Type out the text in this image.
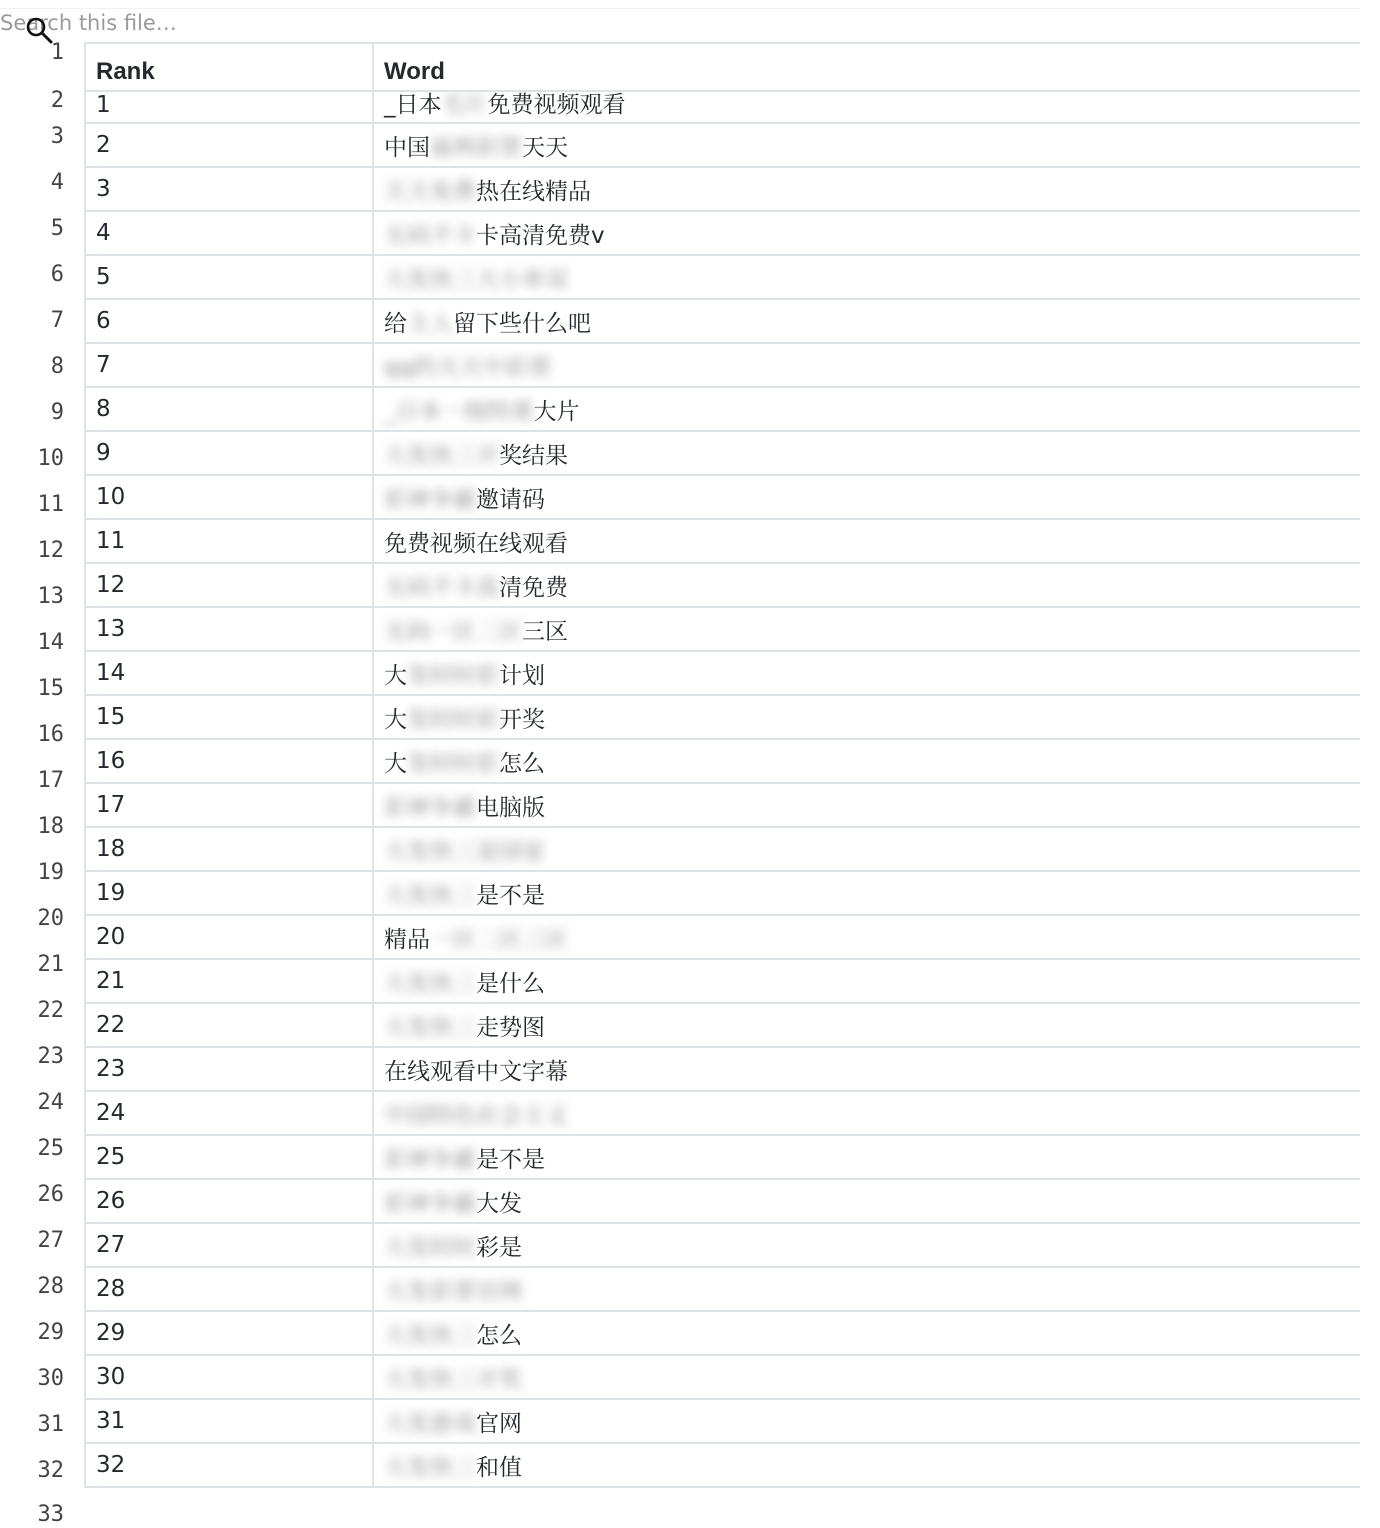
Search this file…
1
2
3
4
5
6
7
8
9
10
11
12
13
14
15
16
17
18
19
20
21
22
23
24
25
26
27
28
29
30
31
32
33
Rank	Word
1	_日本毛片免费视频观看
2	中国福利彩票天天
3	天天免费热在线精品
4	无码不卡卡高清免费v
5	大发快三大小单双
6	给主人留下些什么吧
7	qq的天天中彩票
8	_日本一级特黄大片
9	大发快三开奖结果
10	彩神争霸邀请码
11	免费视频在线观看
12	无码不卡高清免费
13	无码一区二区三区
14	大发时时彩计划
15	大发时时彩开奖
16	大发时时彩怎么
17	彩神争霸电脑版
18	大发快三是国家
19	大发快三是不是
20	精品一区二区三区
21	大发快三是什么
22	大发快三走势图
23	在线观看中文字幕
24	中国特色社会主义
25	彩神争霸是不是
26	彩神争霸大发
27	大发时时彩是
28	大发彩票官网
29	大发快三怎么
30	大发快三开奖
31	大发游戏官网
32	大发快三和值
